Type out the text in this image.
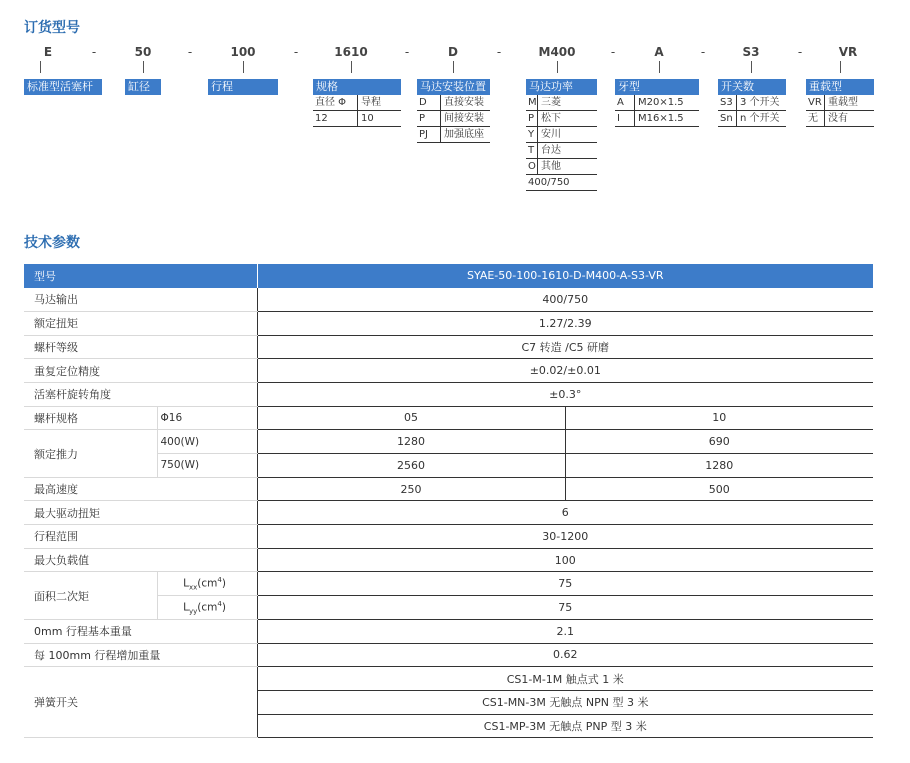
订货型号
E	-	50	-	100	-	1610	-	D	-	M400	-	A	-	S3	-	VR
标准型活塞杆	缸径	行程	规格
直径 Φ	导程
12	10
马达安装位置
D	直接安装
P	间接安装
PJ	加强底座
马达功率
M 三菱
P 松下
Y 安川
T 台达
O 其他
400/750
牙型
A	M20×1.5
I	M16×1.5
开关数
S3 3 个开关
Sn n 个开关
重载型
VR 重载型
无	没有
技术参数
型号		SYAE-50-100-1610-D-M400-A-S3-VR	
马达输出		400/750	
额定扭矩		1.27/2.39	
螺杆等级		C7 转造 /C5 研磨	
重复定位精度		±0.02/±0.01	
活塞杆旋转角度		±0.3°	
螺杆规格	Φ16	05	10
额定推力	400(W)	1280	690
	750(W)	2560	1280
最高速度		250	500
最大驱动扭矩		6	
行程范围		30-1200	
最大负载值		100	
面积二次矩	$L_{xx}(cm^4)$	75	
	$L_{yy}(cm^4)$	75	
0mm 行程基本重量		2.1	
每 100mm 行程增加重量		0.62	
弹簧开关		CS1-M-1M 触点式 1 米	
		CS1-MN-3M 无触点 NPN 型 3 米	
		CS1-MP-3M 无触点 PNP 型 3 米	
